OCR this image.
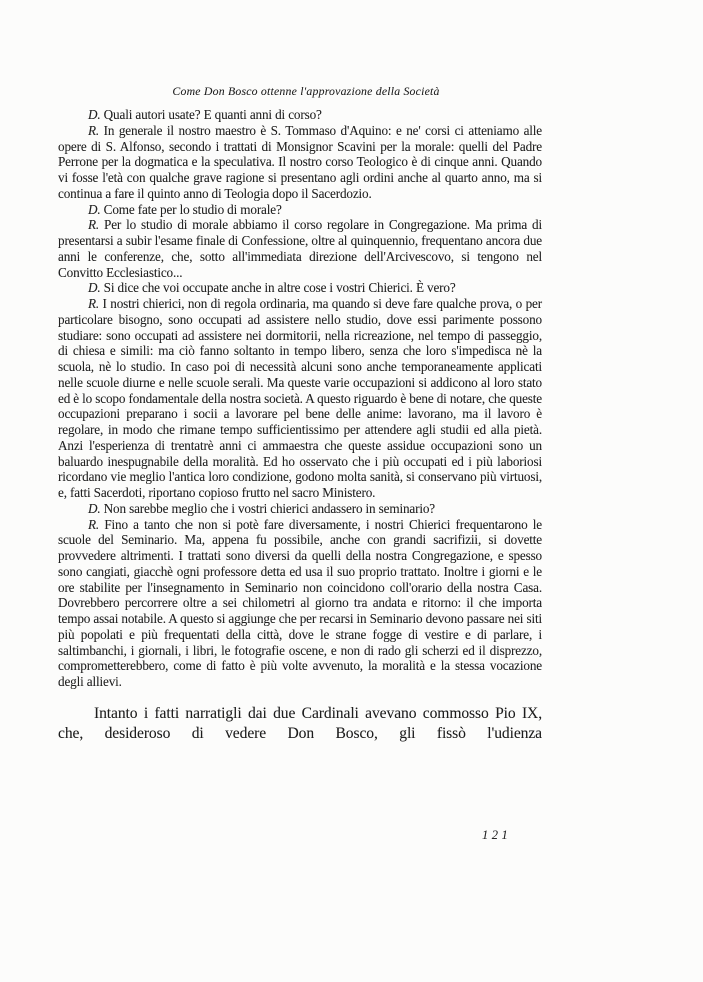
Come Don Bosco ottenne l'approvazione della Società

D. Quali autori usate? E quanti anni di corso?

R. In generale il nostro maestro è S. Tommaso d'Aquino: e ne' corsi ci atteniamo alle opere di S. Alfonso, secondo i trattati di Monsignor Scavini per la morale: quelli del Padre Perrone per la dogmatica e la speculativa. Il nostro corso Teologico è di cinque anni. Quando vi fosse l'età con qualche grave ragione si presentano agli ordini anche al quarto anno, ma si continua a fare il quinto anno di Teologia dopo il Sacerdozio.

D. Come fate per lo studio di morale?

R. Per lo studio di morale abbiamo il corso regolare in Congregazione. Ma prima di presentarsi a subir l'esame finale di Confessione, oltre al quinquennio, frequentano ancora due anni le conferenze, che, sotto all'immediata direzione dell'Arcivescovo, si tengono nel Convitto Ecclesiastico...

D. Si dice che voi occupate anche in altre cose i vostri Chierici. È vero?

R. I nostri chierici, non di regola ordinaria, ma quando si deve fare qualche prova, o per particolare bisogno, sono occupati ad assistere nello studio, dove essi parimente possono studiare: sono occupati ad assistere nei dormitorii, nella ricreazione, nel tempo di passeggio, di chiesa e simili: ma ciò fanno soltanto in tempo libero, senza che loro s'impedisca nè la scuola, nè lo studio. In caso poi di necessità alcuni sono anche temporaneamente applicati nelle scuole diurne e nelle scuole serali. Ma queste varie occupazioni si addicono al loro stato ed è lo scopo fondamentale della nostra società. A questo riguardo è bene di notare, che queste occupazioni preparano i socii a lavorare pel bene delle anime: lavorano, ma il lavoro è regolare, in modo che rimane tempo sufficientissimo per attendere agli studii ed alla pietà. Anzi l'esperienza di trentatrè anni ci ammaestra che queste assidue occupazioni sono un baluardo inespugnabile della moralità. Ed ho osservato che i più occupati ed i più laboriosi ricordano vie meglio l'antica loro condizione, godono molta sanità, si conservano più virtuosi, e, fatti Sacerdoti, riportano copioso frutto nel sacro Ministero.

D. Non sarebbe meglio che i vostri chierici andassero in seminario?

R. Fino a tanto che non si potè fare diversamente, i nostri Chierici frequentarono le scuole del Seminario. Ma, appena fu possibile, anche con grandi sacrifizii, si dovette provvedere altrimenti. I trattati sono diversi da quelli della nostra Congregazione, e spesso sono cangiati, giacchè ogni professore detta ed usa il suo proprio trattato. Inoltre i giorni e le ore stabilite per l'insegnamento in Seminario non coincidono coll'orario della nostra Casa. Dovrebbero percorrere oltre a sei chilometri al giorno tra andata e ritorno: il che importa tempo assai notabile. A questo si aggiunge che per recarsi in Seminario devono passare nei siti più popolati e più frequentati della città, dove le strane fogge di vestire e di parlare, i saltimbanchi, i giornali, i libri, le fotografie oscene, e non di rado gli scherzi ed il disprezzo, comprometterebbero, come di fatto è più volte avvenuto, la moralità e la stessa vocazione degli allievi.

Intanto i fatti narratigli dai due Cardinali avevano commosso Pio IX, che, desideroso di vedere Don Bosco, gli fissò l'udienza

121
